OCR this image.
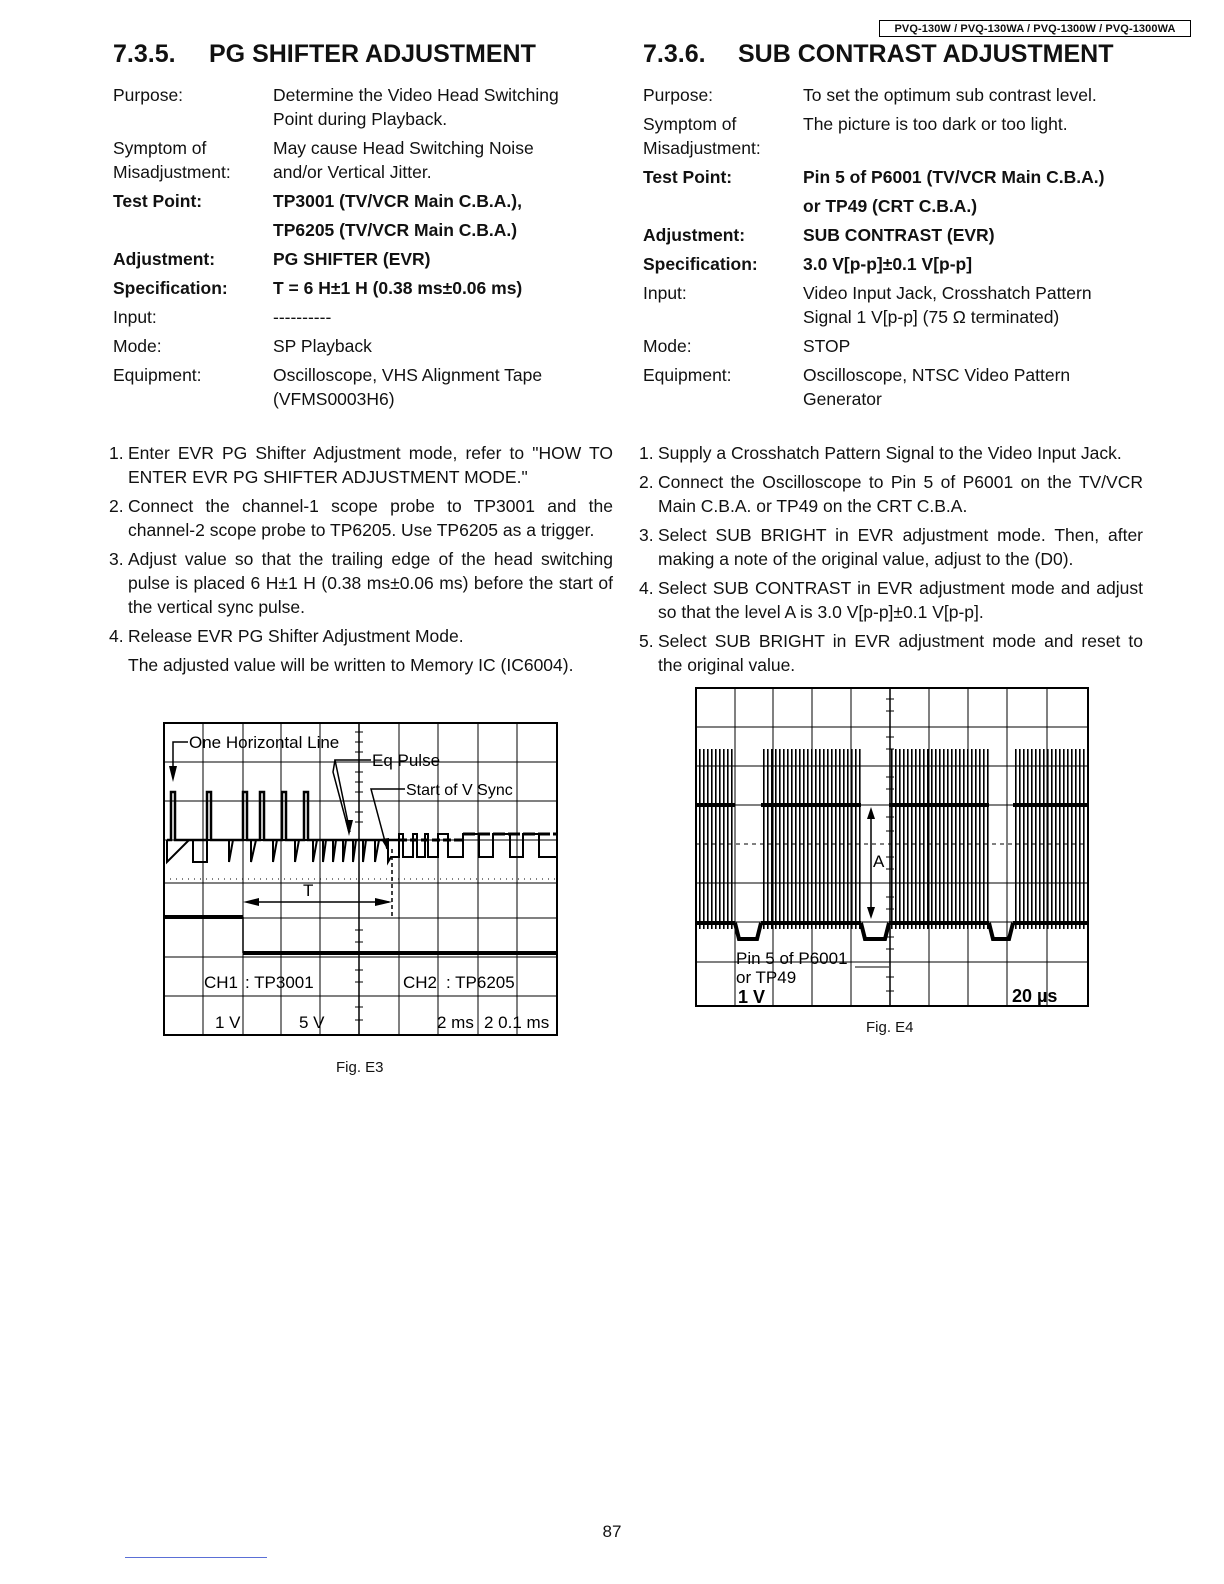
PVQ-130W / PVQ-130WA / PVQ-1300W / PVQ-1300WA
7.3.5. PG SHIFTER ADJUSTMENT
Purpose:	Determine the Video Head Switching Point during Playback.
Symptom of Misadjustment:	May cause Head Switching Noise and/or Vertical Jitter.
Test Point:	TP3001 (TV/VCR Main C.B.A.),
TP6205 (TV/VCR Main C.B.A.)

Adjustment:	PG SHIFTER (EVR)
Specification:	T = 6 H±1 H (0.38 ms±0.06 ms)
Input:	----------
Mode:	SP Playback
Equipment:	Oscilloscope, VHS Alignment Tape (VFMS0003H6)
1. Enter EVR PG Shifter Adjustment mode, refer to "HOW TO ENTER EVR PG SHIFTER ADJUSTMENT MODE."
2. Connect the channel-1 scope probe to TP3001 and the channel-2 scope probe to TP6205. Use TP6205 as a trigger.
3. Adjust value so that the trailing edge of the head switching pulse is placed 6 H±1 H (0.38 ms±0.06 ms) before the start of the vertical sync pulse.
4. Release EVR PG Shifter Adjustment Mode.
The adjusted value will be written to Memory IC (IC6004).
One Horizontal Line
Eq Pulse
Start of V Sync
T
CH1 : TP3001	CH2 : TP6205
1 V	5 V	2 ms 2 0.1 ms
Fig. E3
7.3.6. SUB CONTRAST ADJUSTMENT
Purpose:	To set the optimum sub contrast level.
Symptom of Misadjustment:	The picture is too dark or too light.
Test Point:	Pin 5 of P6001 (TV/VCR Main C.B.A.)
or TP49 (CRT C.B.A.)

Adjustment:	SUB CONTRAST (EVR)
Specification:	3.0 V[p-p]±0.1 V[p-p]
Input:	Video Input Jack, Crosshatch Pattern Signal 1 V[p-p] (75 Ω terminated)
Mode:	STOP
Equipment:	Oscilloscope, NTSC Video Pattern Generator
1. Supply a Crosshatch Pattern Signal to the Video Input Jack.
2. Connect the Oscilloscope to Pin 5 of P6001 on the TV/VCR Main C.B.A. or TP49 on the CRT C.B.A.
3. Select SUB BRIGHT in EVR adjustment mode. Then, after making a note of the original value, adjust to the (D0).
4. Select SUB CONTRAST in EVR adjustment mode and adjust so that the level A is 3.0 V[p-p]±0.1 V[p-p].
5. Select SUB BRIGHT in EVR adjustment mode and reset to the original value.
A
Pin 5 of P6001
or TP49
1 V	20 µs
Fig. E4
87
